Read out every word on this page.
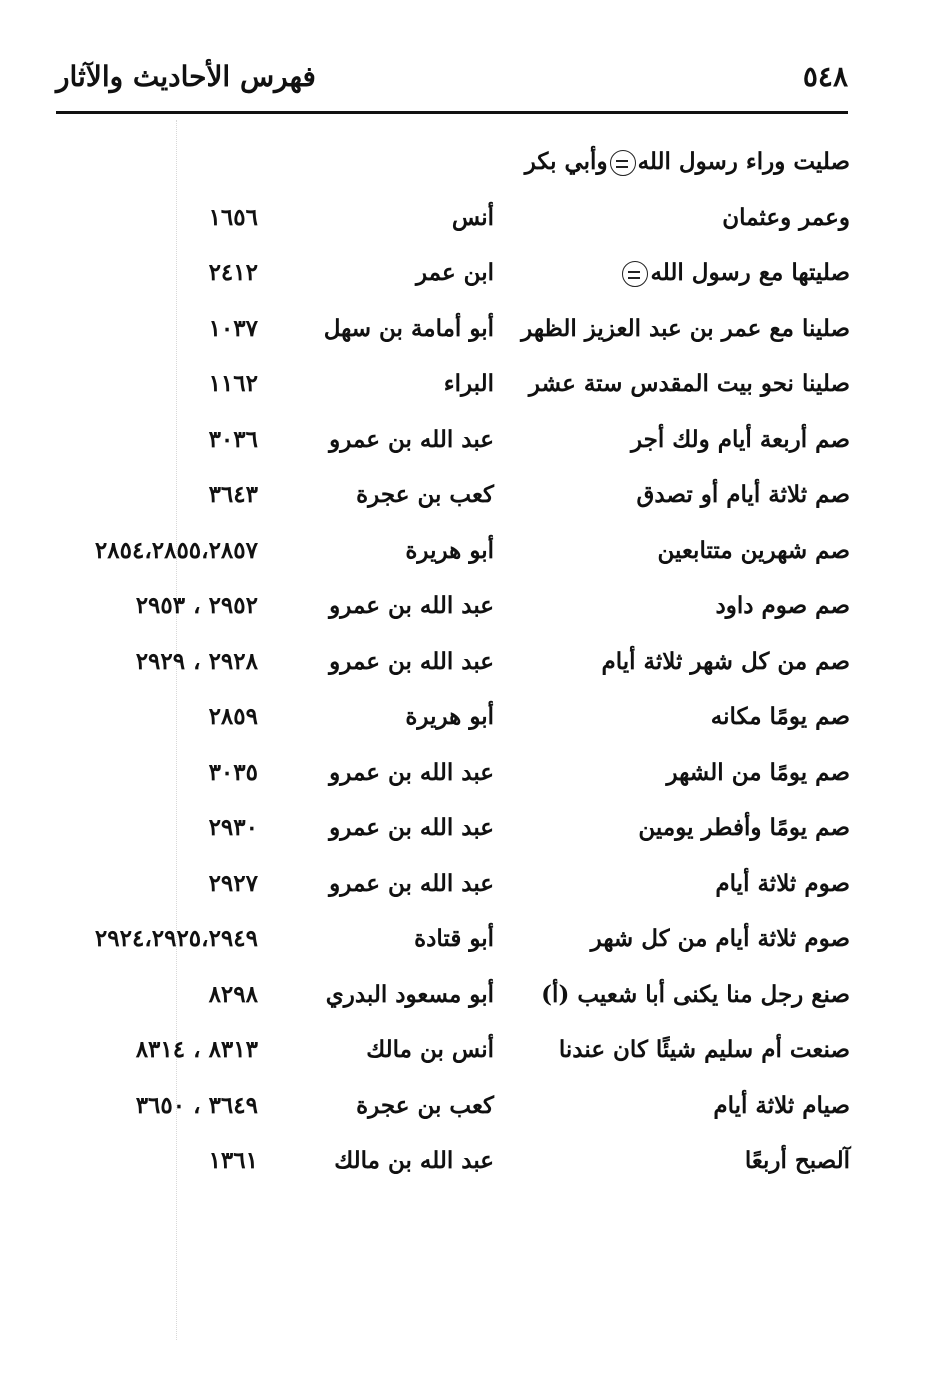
٥٤٨
فهرس الأحاديث والآثار
صليت وراء رسول اللهوأبي بكر
وعمر وعثمان
أنس
١٦٥٦
صليتها مع رسول الله
ابن عمر
٢٤١٢
صلينا مع عمر بن عبد العزيز الظهر
أبو أمامة بن سهل
١٠٣٧
صلينا نحو بيت المقدس ستة عشر
البراء
١١٦٢
صم أربعة أيام ولك أجر
عبد الله بن عمرو
٣٠٣٦
صم ثلاثة أيام أو تصدق
كعب بن عجرة
٣٦٤٣
صم شهرين متتابعين
أبو هريرة
٢٨٥٤،٢٨٥٥،٢٨٥٧
صم صوم داود
عبد الله بن عمرو
٢٩٥٢ ، ٢٩٥٣
صم من كل شهر ثلاثة أيام
عبد الله بن عمرو
٢٩٢٨ ، ٢٩٢٩
صم يومًا مكانه
أبو هريرة
٢٨٥٩
صم يومًا من الشهر
عبد الله بن عمرو
٣٠٣٥
صم يومًا وأفطر يومين
عبد الله بن عمرو
٢٩٣٠
صوم ثلاثة أيام
عبد الله بن عمرو
٢٩٢٧
صوم ثلاثة أيام من كل شهر
أبو قتادة
٢٩٢٤،٢٩٢٥،٢٩٤٩
صنع رجل منا يكنى أبا شعيب (أ)
أبو مسعود البدري
٨٢٩٨
صنعت أم سليم شيئًا كان عندنا
أنس بن مالك
٨٣١٣ ، ٨٣١٤
صيام ثلاثة أيام
كعب بن عجرة
٣٦٤٩ ، ٣٦٥٠
آلصبح أربعًا
عبد الله بن مالك
١٣٦١
